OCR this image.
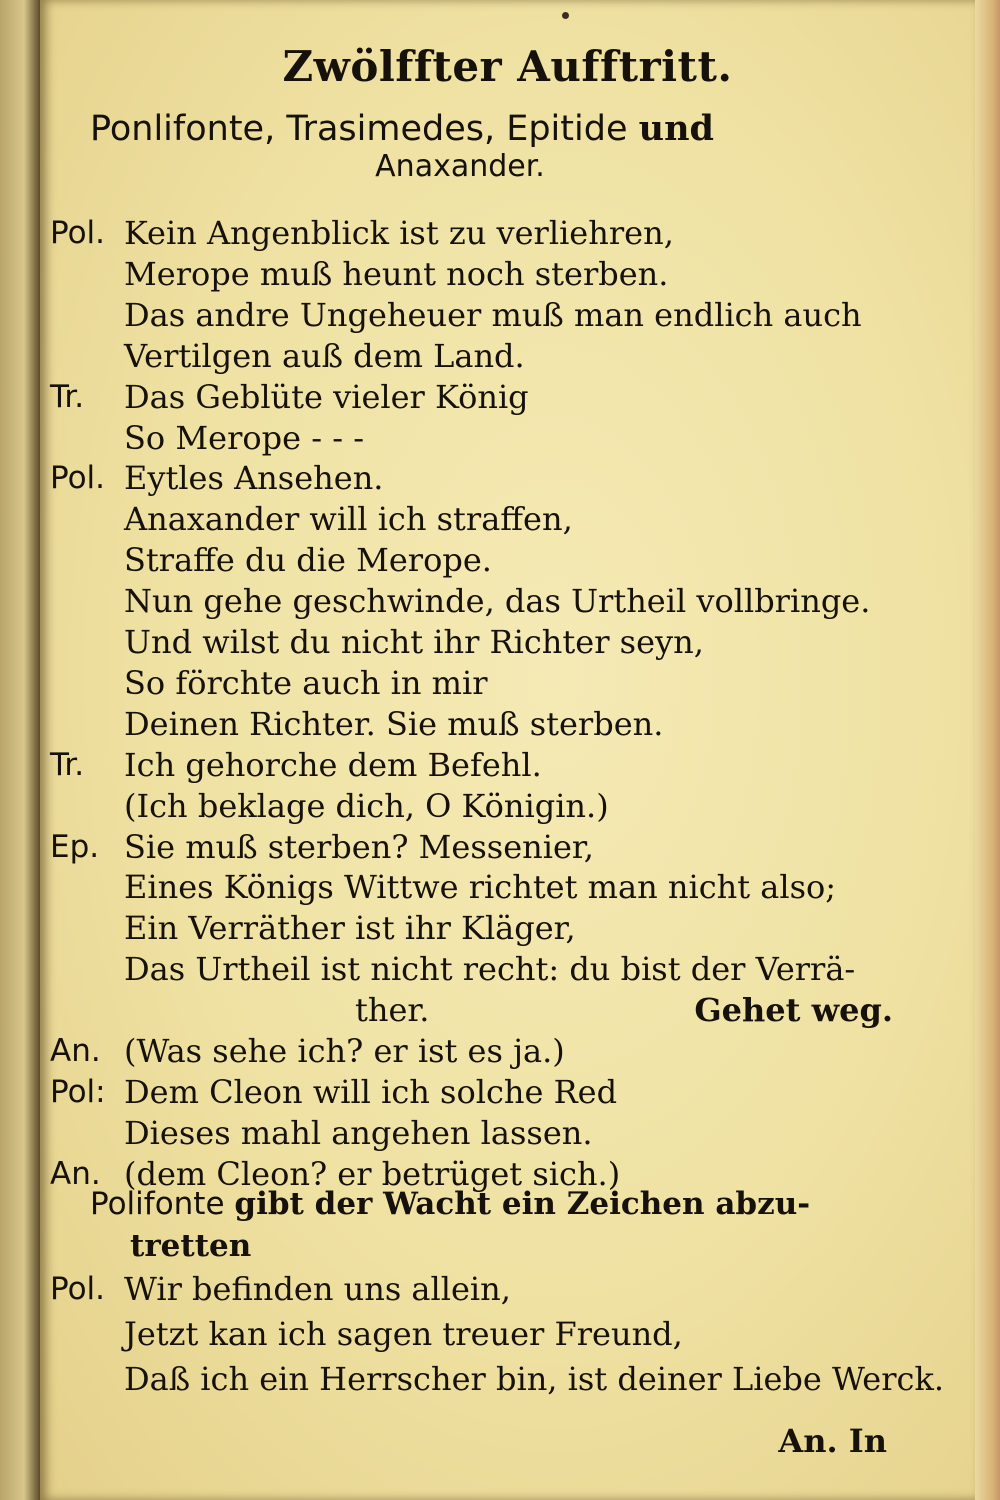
Zwölffter Aufftritt.
Ponlifonte, Trasimedes, Epitide und
Anaxander.
Pol. Kein Angenblick ist zu verliehren,
Merope muß heunt noch sterben.
Das andre Ungeheuer muß man endlich auch
Vertilgen auß dem Land.
Tr. Das Geblüte vieler König
So Merope - - -
Pol. Eytles Ansehen.
Anaxander will ich straffen,
Straffe du die Merope.
Nun gehe geschwinde, das Urtheil vollbringe.
Und wilst du nicht ihr Richter seyn,
So förchte auch in mir
Deinen Richter. Sie muß sterben.
Tr. Ich gehorche dem Befehl.
(Ich beklage dich, O Königin.)
Ep. Sie muß sterben? Messenier,
Eines Königs Wittwe richtet man nicht also;
Ein Verräther ist ihr Kläger,
Das Urtheil ist nicht recht: du bist der Verrä-
ther.	Gehet weg.
An. (Was sehe ich? er ist es ja.)
Pol: Dem Cleon will ich solche Red
Dieses mahl angehen lassen.
An. (dem Cleon? er betrüget sich.)
Polifonte gibt der Wacht ein Zeichen abzu-
tretten
Pol. Wir befinden uns allein,
Jetzt kan ich sagen treuer Freund,
Daß ich ein Herrscher bin, ist deiner Liebe Werck.
An. In
